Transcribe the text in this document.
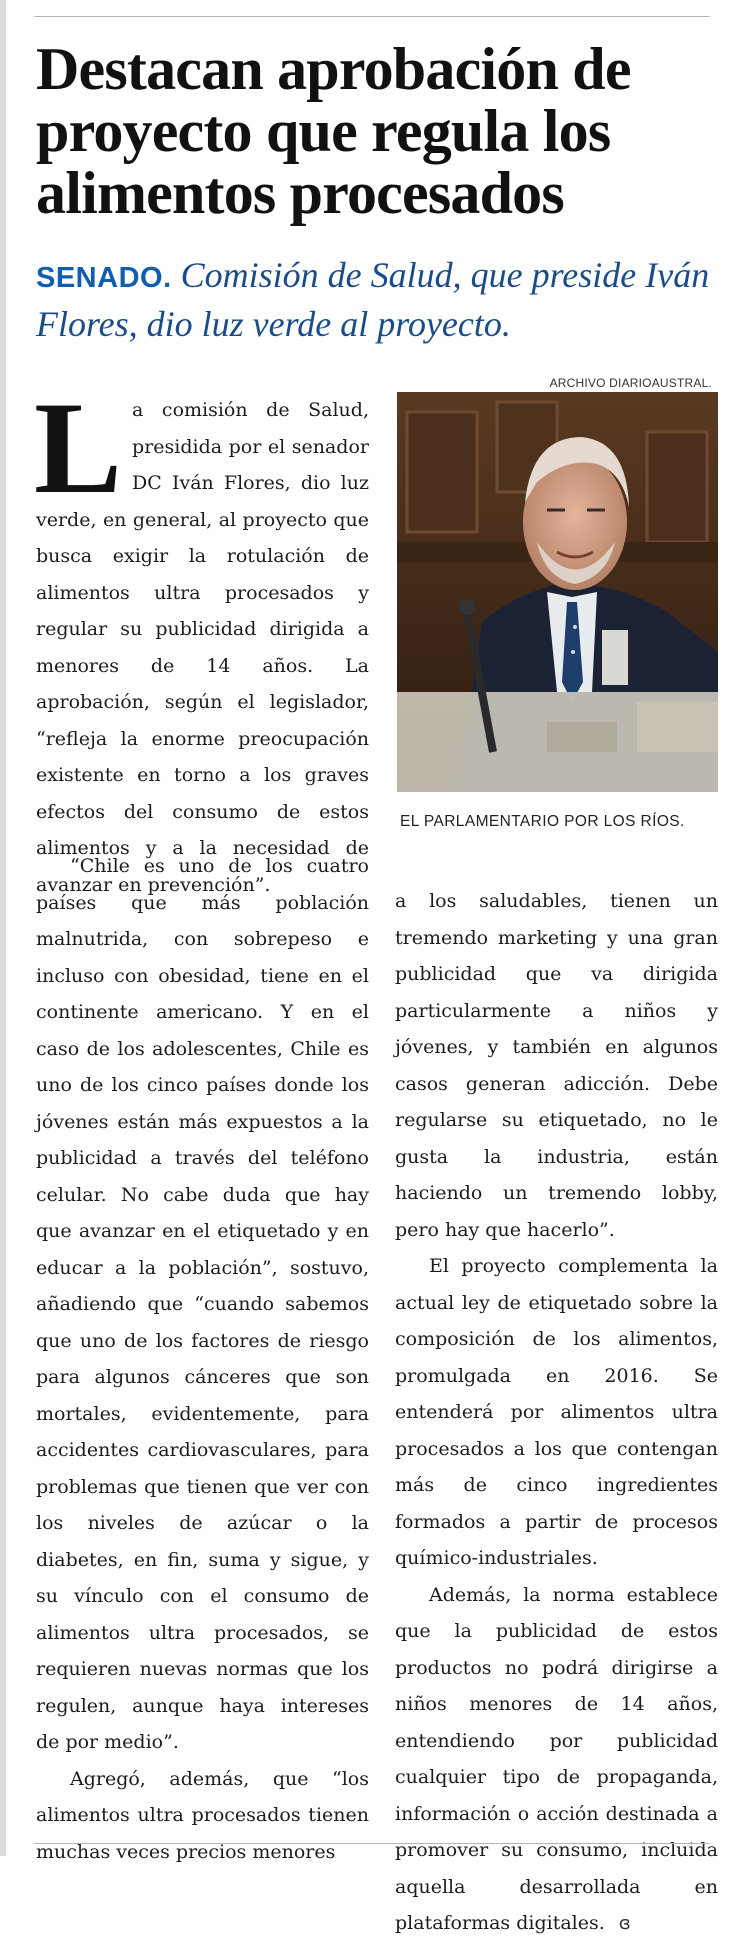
Destacan aprobación de proyecto que regula los alimentos procesados

SENADO. Comisión de Salud, que preside Iván Flores, dio luz verde al proyecto.

ARCHIVO DIARIOAUSTRAL.
EL PARLAMENTARIO POR LOS RÍOS.

La comisión de Salud, presidida por el senador DC Iván Flores, dio luz verde, en general, al proyecto que busca exigir la rotulación de alimentos ultra procesados y regular su publicidad dirigida a menores de 14 años. La aprobación, según el legislador, “refleja la enorme preocupación existente en torno a los graves efectos del consumo de estos alimentos y a la necesidad de avanzar en prevención”.

“Chile es uno de los cuatro países que más población malnutrida, con sobrepeso e incluso con obesidad, tiene en el continente americano. Y en el caso de los adolescentes, Chile es uno de los cinco países donde los jóvenes están más expuestos a la publicidad a través del teléfono celular. No cabe duda que hay que avanzar en el etiquetado y en educar a la población”, sostuvo, añadiendo que “cuando sabemos que uno de los factores de riesgo para algunos cánceres que son mortales, evidentemente, para accidentes cardiovasculares, para problemas que tienen que ver con los niveles de azúcar o la diabetes, en fin, suma y sigue, y su vínculo con el consumo de alimentos ultra procesados, se requieren nuevas normas que los regulen, aunque haya intereses de por medio”.

Agregó, además, que “los alimentos ultra procesados tienen muchas veces precios menores

a los saludables, tienen un tremendo marketing y una gran publicidad que va dirigida particularmente a niños y jóvenes, y también en algunos casos generan adicción. Debe regularse su etiquetado, no le gusta la industria, están haciendo un tremendo lobby, pero hay que hacerlo”.

El proyecto complementa la actual ley de etiquetado sobre la composición de los alimentos, promulgada en 2016. Se entenderá por alimentos ultra procesados a los que contengan más de cinco ingredientes formados a partir de procesos químico-industriales.

Además, la norma establece que la publicidad de estos productos no podrá dirigirse a niños menores de 14 años, entendiendo por publicidad cualquier tipo de propaganda, información o acción destinada a promover su consumo, incluida aquella desarrollada en plataformas digitales. ɞ
